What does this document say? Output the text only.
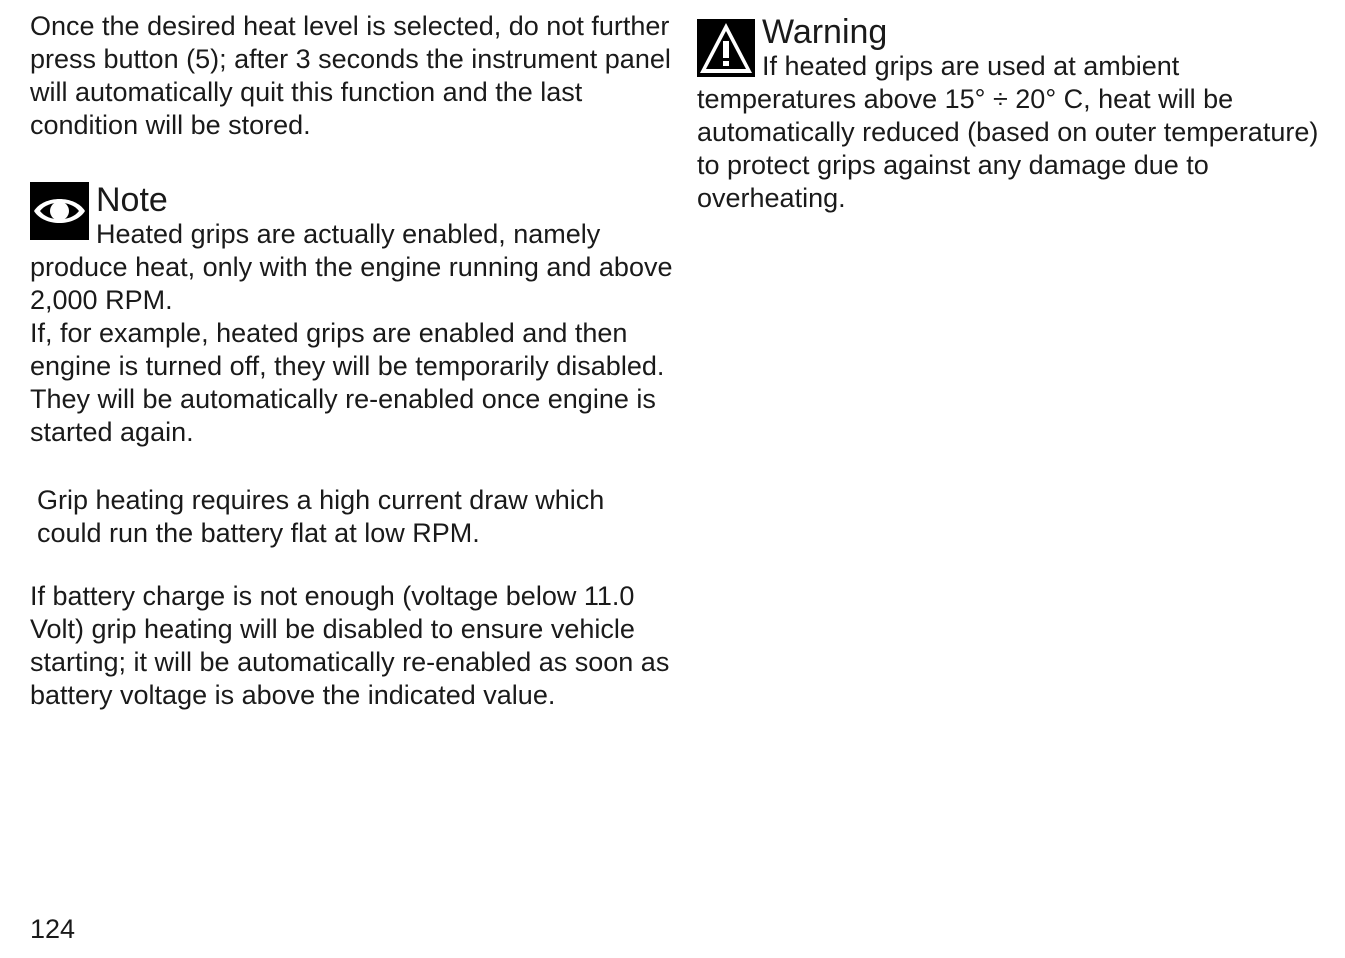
Once the desired heat level is selected, do not further
press button (5); after 3 seconds the instrument panel
will automatically quit this function and the last
condition will be stored.

Note

Heated grips are actually enabled, namely

produce heat, only with the engine running and above
2,000 RPM.
If, for example, heated grips are enabled and then
engine is turned off, they will be temporarily disabled.
They will be automatically re-enabled once engine is
started again.

Grip heating requires a high current draw which
could run the battery flat at low RPM.

If battery charge is not enough (voltage below 11.0
Volt) grip heating will be disabled to ensure vehicle
starting; it will be automatically re-enabled as soon as
battery voltage is above the indicated value.

Warning

If heated grips are used at ambient

temperatures above 15° ÷ 20° C, heat will be
automatically reduced (based on outer temperature)
to protect grips against any damage due to
overheating.

124
